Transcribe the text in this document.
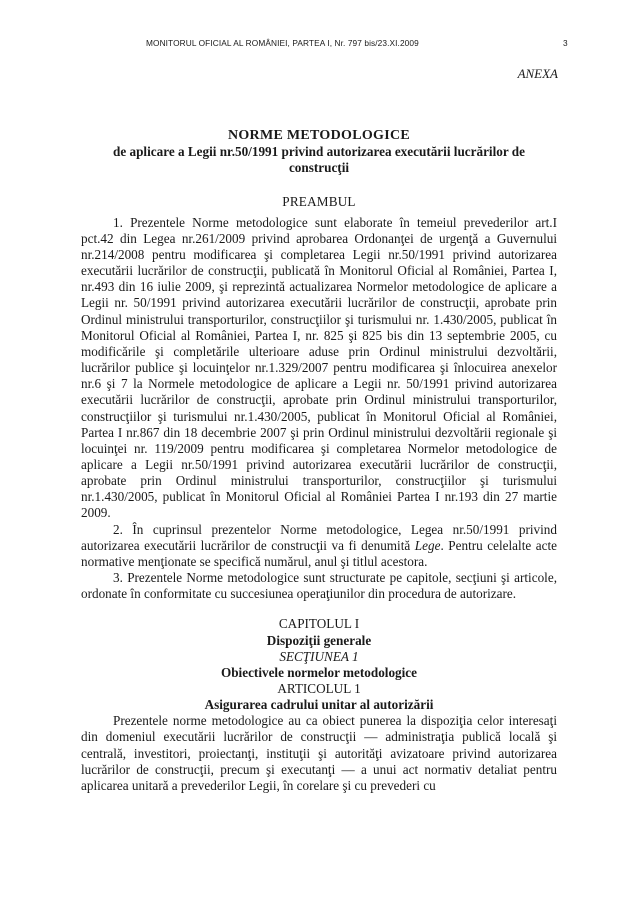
MONITORUL OFICIAL AL ROMÂNIEI, PARTEA I, Nr. 797 bis/23.XI.2009	3
ANEXA

NORME METODOLOGICE

de aplicare a Legii nr.50/1991 privind autorizarea executării lucrărilor de construcţii

PREAMBUL

1. Prezentele Norme metodologice sunt elaborate în temeiul prevederilor art.I pct.42 din Legea nr.261/2009 privind aprobarea Ordonanţei de urgenţă a Guvernului nr.214/2008 pentru modificarea şi completarea Legii nr.50/1991 privind autorizarea executării lucrărilor de construcţii, publicată în Monitorul Oficial al României, Partea I, nr.493 din 16 iulie 2009, şi reprezintă actualizarea Normelor metodologice de aplicare a Legii nr. 50/1991 privind autorizarea executării lucrărilor de construcţii, aprobate prin Ordinul ministrului transporturilor, construcţiilor şi turismului nr. 1.430/2005, publicat în Monitorul Oficial al României, Partea I, nr. 825 şi 825 bis din 13 septembrie 2005, cu modificările şi completările ulterioare aduse prin Ordinul ministrului dezvoltării, lucrărilor publice şi locuinţelor nr.1.329/2007 pentru modificarea şi înlocuirea anexelor nr.6 şi 7 la Normele metodologice de aplicare a Legii nr. 50/1991 privind autorizarea executării lucrărilor de construcţii, aprobate prin Ordinul ministrului transporturilor, construcţiilor şi turismului nr.1.430/2005, publicat în Monitorul Oficial al României, Partea I nr.867 din 18 decembrie 2007 şi prin Ordinul ministrului dezvoltării regionale şi locuinţei nr. 119/2009 pentru modificarea şi completarea Normelor metodologice de aplicare a Legii nr.50/1991 privind autorizarea executării lucrărilor de construcţii, aprobate prin Ordinul ministrului transporturilor, construcţiilor şi turismului nr.1.430/2005, publicat în Monitorul Oficial al României Partea I nr.193 din 27 martie 2009.

2. În cuprinsul prezentelor Norme metodologice, Legea nr.50/1991 privind autorizarea executării lucrărilor de construcţii va fi denumită Lege. Pentru celelalte acte normative menţionate se specifică numărul, anul şi titlul acestora.

3. Prezentele Norme metodologice sunt structurate pe capitole, secţiuni şi articole, ordonate în conformitate cu succesiunea operaţiunilor din procedura de autorizare.

CAPITOLUL I

Dispoziţii generale

SECŢIUNEA 1

Obiectivele normelor metodologice

ARTICOLUL 1

Asigurarea cadrului unitar al autorizării

Prezentele norme metodologice au ca obiect punerea la dispoziţia celor interesaţi din domeniul executării lucrărilor de construcţii — administraţia publică locală şi centrală, investitori, proiectanţi, instituţii şi autorităţi avizatoare privind autorizarea lucrărilor de construcţii, precum şi executanţi — a unui act normativ detaliat pentru aplicarea unitară a prevederilor Legii, în corelare şi cu prevederi cu
